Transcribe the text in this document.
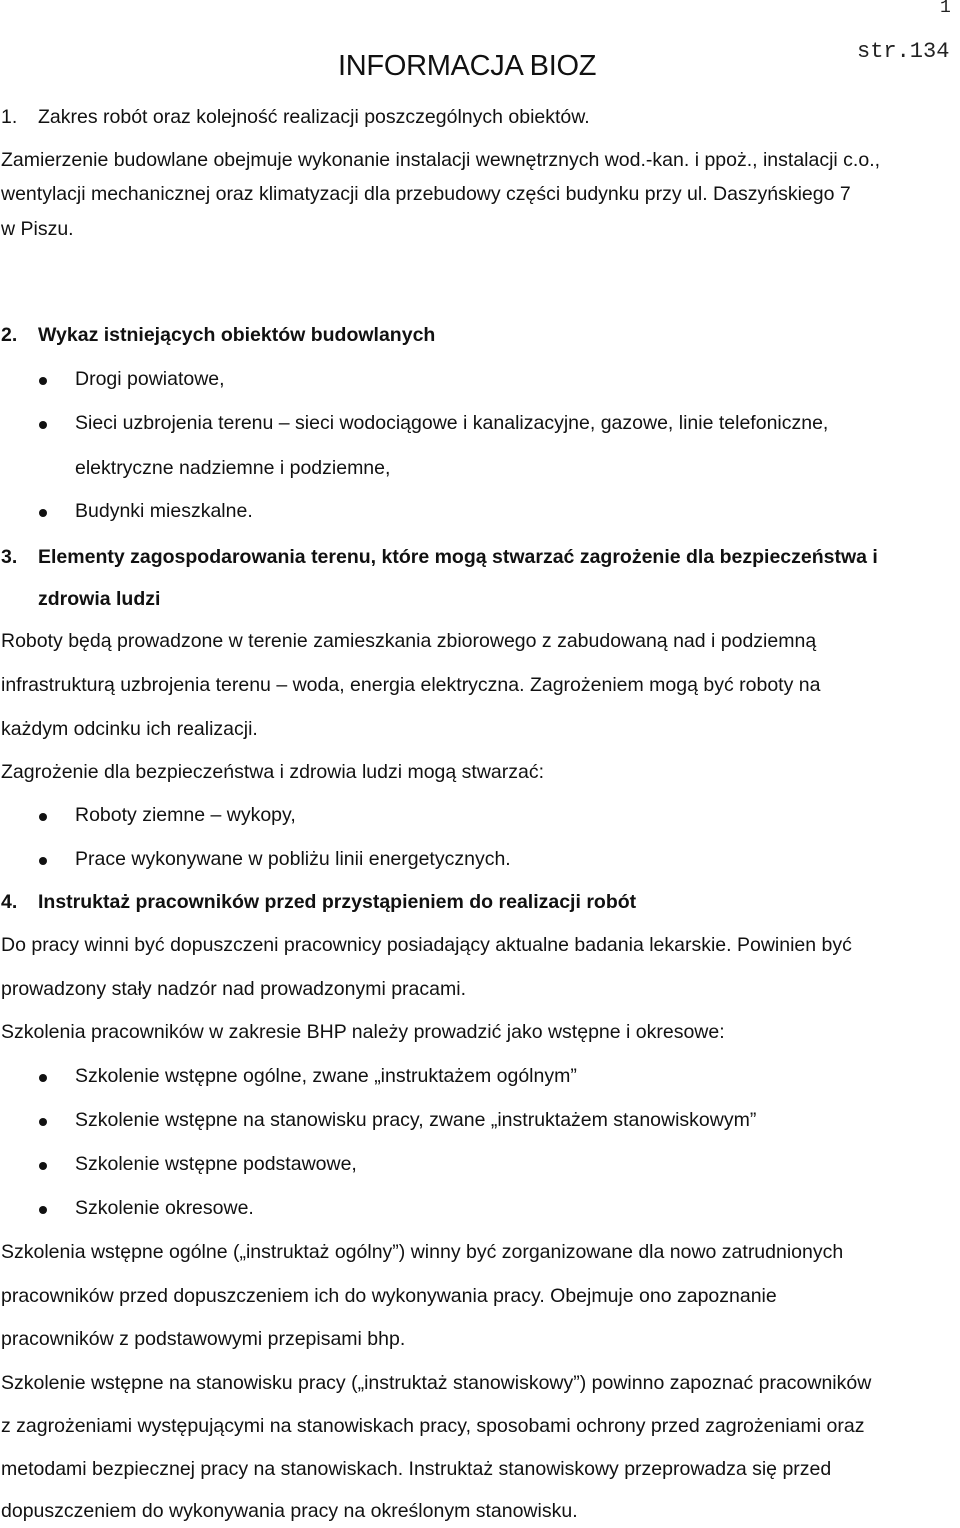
1
str.134
INFORMACJA BIOZ
1. Zakres robót oraz kolejność realizacji poszczególnych obiektów.
Zamierzenie budowlane obejmuje wykonanie instalacji wewnętrznych wod.-kan. i ppoż., instalacji c.o.,
wentylacji mechanicznej oraz klimatyzacji dla przebudowy części budynku przy ul. Daszyńskiego 7
w Piszu.
2. Wykaz istniejących obiektów budowlanych
Drogi powiatowe,
Sieci uzbrojenia terenu – sieci wodociągowe i kanalizacyjne, gazowe, linie telefoniczne,
elektryczne nadziemne i podziemne,
Budynki mieszkalne.
3. Elementy zagospodarowania terenu, które mogą stwarzać zagrożenie dla bezpieczeństwa i
zdrowia ludzi
Roboty będą prowadzone w terenie zamieszkania zbiorowego z zabudowaną nad i podziemną
infrastrukturą uzbrojenia terenu – woda, energia elektryczna. Zagrożeniem mogą być roboty na
każdym odcinku ich realizacji.
Zagrożenie dla bezpieczeństwa i zdrowia ludzi mogą stwarzać:
Roboty ziemne – wykopy,
Prace wykonywane w pobliżu linii energetycznych.
4. Instruktaż pracowników przed przystąpieniem do realizacji robót
Do pracy winni być dopuszczeni pracownicy posiadający aktualne badania lekarskie. Powinien być
prowadzony stały nadzór nad prowadzonymi pracami.
Szkolenia pracowników w zakresie BHP należy prowadzić jako wstępne i okresowe:
Szkolenie wstępne ogólne, zwane „instruktażem ogólnym”
Szkolenie wstępne na stanowisku pracy, zwane „instruktażem stanowiskowym”
Szkolenie wstępne podstawowe,
Szkolenie okresowe.
Szkolenia wstępne ogólne („instruktaż ogólny”) winny być zorganizowane dla nowo zatrudnionych
pracowników przed dopuszczeniem ich do wykonywania pracy. Obejmuje ono zapoznanie
pracowników z podstawowymi przepisami bhp.
Szkolenie wstępne na stanowisku pracy („instruktaż stanowiskowy”) powinno zapoznać pracowników
z zagrożeniami występującymi na stanowiskach pracy, sposobami ochrony przed zagrożeniami oraz
metodami bezpiecznej pracy na stanowiskach. Instruktaż stanowiskowy przeprowadza się przed
dopuszczeniem do wykonywania pracy na określonym stanowisku.
